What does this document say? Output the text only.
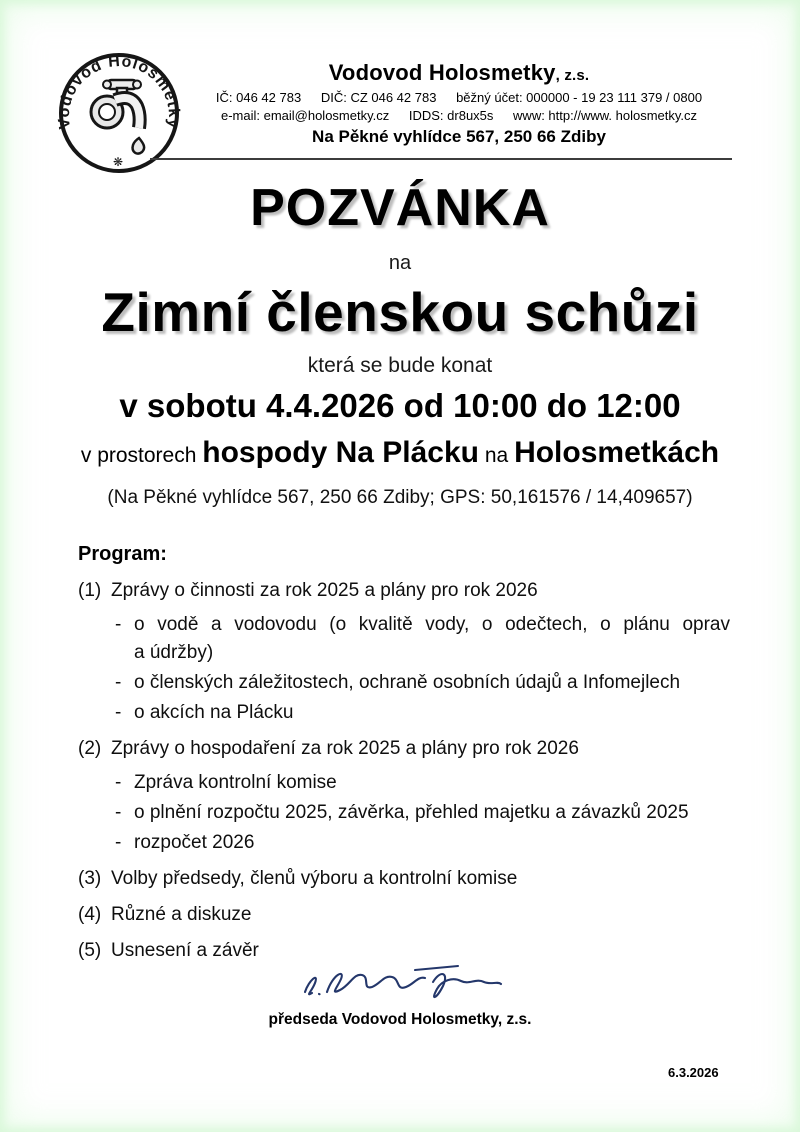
Vodovod Holosmetky
❋
Vodovod Holosmetky, z.s.
IČ: 046 42 783 DIČ: CZ 046 42 783 běžný účet: 000000 - 19 23 111 379 / 0800
e-mail: email@holosmetky.cz IDDS: dr8ux5s www: http://www. holosmetky.cz
Na Pěkné vyhlídce 567, 250 66 Zdiby
POZVÁNKA
na
Zimní členskou schůzi
která se bude konat
v sobotu 4.4.2026 od 10:00 do 12:00
v prostorech hospody Na Plácku na Holosmetkách
(Na Pěkné vyhlídce 567, 250 66 Zdiby; GPS: 50,161576 / 14,409657)
Program:
(1) Zprávy o činnosti za rok 2025 a plány pro rok 2026
- o vodě a vodovodu (o kvalitě vody, o odečtech, o plánu oprav a údržby)
- o členských záležitostech, ochraně osobních údajů a Infomejlech
- o akcích na Plácku
(2) Zprávy o hospodaření za rok 2025 a plány pro rok 2026
- Zpráva kontrolní komise
- o plnění rozpočtu 2025, závěrka, přehled majetku a závazků 2025
- rozpočet 2026
(3) Volby předsedy, členů výboru a kontrolní komise
(4) Různé a diskuze
(5) Usnesení a závěr
předseda Vodovod Holosmetky, z.s.
6.3.2026
